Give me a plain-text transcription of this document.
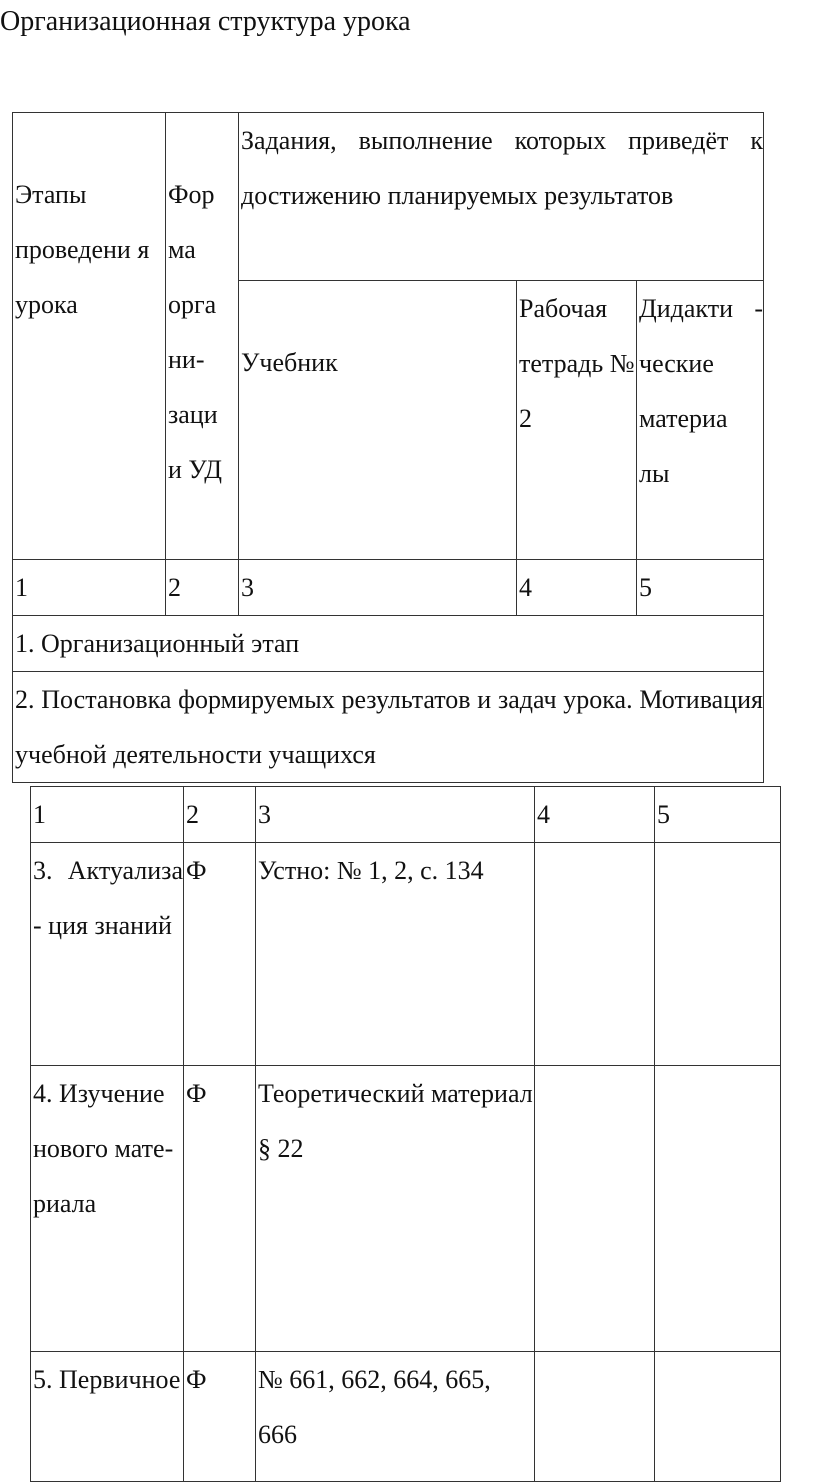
Организационная структура урока
Этапы проведени я урока	Фор ма орга ни- заци и УД	Задания, выполнение которых приведёт к достижению планируемых результатов		
		Учебник	Рабочая тетрадь № 2	Дидакти - ческие материа лы
1	2	3	4	5
1. Организационный этап				
2. Постановка формируемых результатов и задач урока. Мотивация учебной деятельности учащихся				
1	2	3	4	5
3. Актуализа - ция знаний	Ф	Устно: № 1, 2, с. 134		
4. Изучение нового мате- риала	Ф	Теоретический материал § 22		
5. Первичное	Ф	№ 661, 662, 664, 665, 666		
